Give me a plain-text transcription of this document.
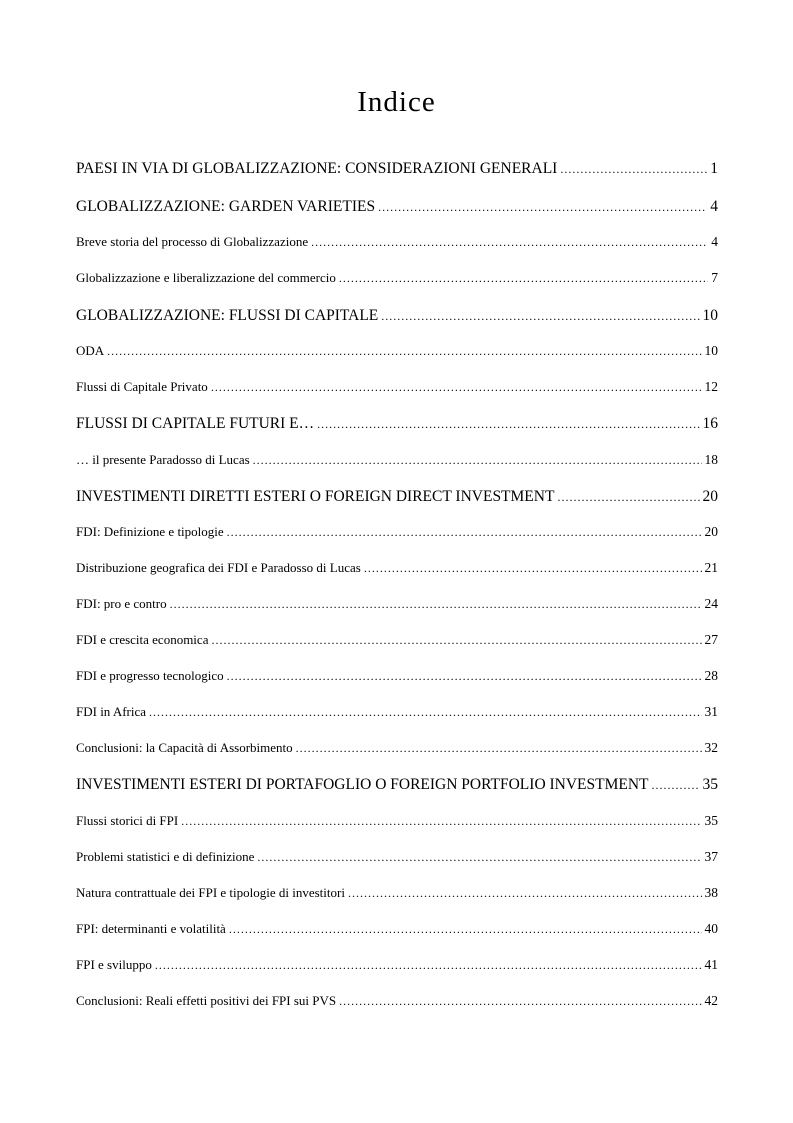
Indice
PAESI IN VIA DI GLOBALIZZAZIONE: CONSIDERAZIONI GENERALI .....	1
GLOBALIZZAZIONE: GARDEN VARIETIES .....	4
Breve storia del processo di Globalizzazione .....	4
Globalizzazione e liberalizzazione del commercio .....	7
GLOBALIZZAZIONE: FLUSSI DI CAPITALE .....	10
ODA .....	10
Flussi di Capitale Privato .....	12
FLUSSI DI CAPITALE FUTURI E… .....	16
… il presente Paradosso di Lucas .....	18
INVESTIMENTI DIRETTI ESTERI O FOREIGN DIRECT INVESTMENT .....	20
FDI: Definizione e tipologie .....	20
Distribuzione geografica dei FDI e Paradosso di Lucas .....	21
FDI: pro e contro .....	24
FDI e crescita economica .....	27
FDI e progresso tecnologico .....	28
FDI in Africa .....	31
Conclusioni: la Capacità di Assorbimento .....	32
INVESTIMENTI ESTERI DI PORTAFOGLIO O FOREIGN PORTFOLIO INVESTMENT .....	35
Flussi storici di FPI .....	35
Problemi statistici e di definizione .....	37
Natura contrattuale dei FPI e tipologie di investitori .....	38
FPI: determinanti e volatilità .....	40
FPI e sviluppo .....	41
Conclusioni: Reali effetti positivi dei FPI sui PVS .....	42
